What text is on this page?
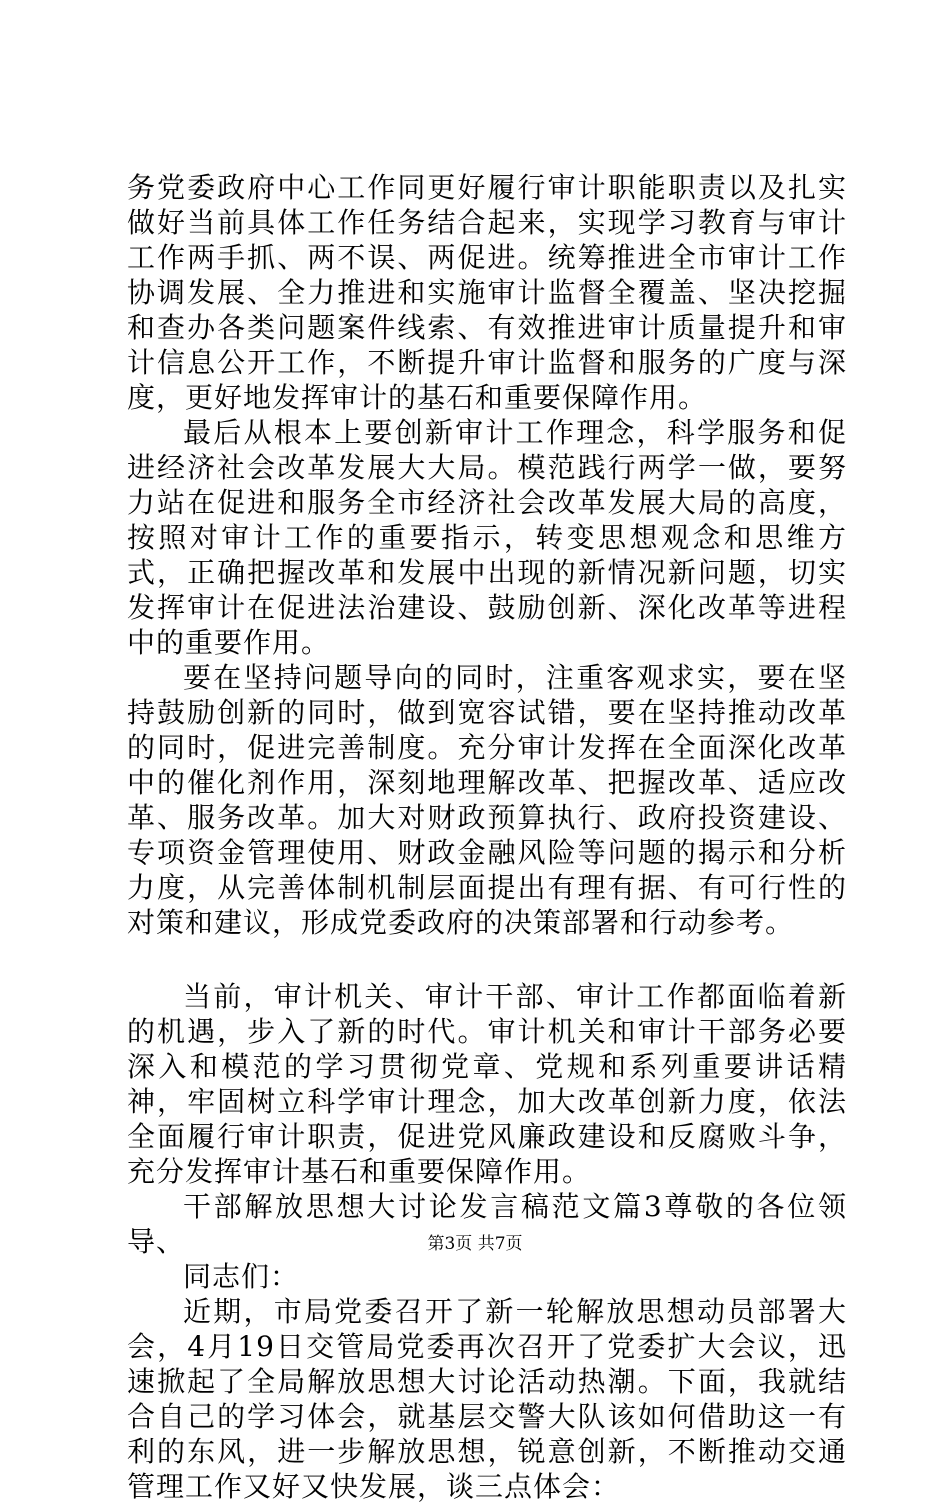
务党委政府中心工作同更好履行审计职能职责以及扎实做好当前具体工作任务结合起来，实现学习教育与审计工作两手抓、两不误、两促进。统筹推进全市审计工作协调发展、全力推进和实施审计监督全覆盖、坚决挖掘和查办各类问题案件线索、有效推进审计质量提升和审计信息公开工作，不断提升审计监督和服务的广度与深度，更好地发挥审计的基石和重要保障作用。

最后从根本上要创新审计工作理念，科学服务和促进经济社会改革发展大大局。模范践行两学一做，要努力站在促进和服务全市经济社会改革发展大局的高度，按照对审计工作的重要指示，转变思想观念和思维方式，正确把握改革和发展中出现的新情况新问题，切实发挥审计在促进法治建设、鼓励创新、深化改革等进程中的重要作用。

要在坚持问题导向的同时，注重客观求实，要在坚持鼓励创新的同时，做到宽容试错，要在坚持推动改革的同时，促进完善制度。充分审计发挥在全面深化改革中的催化剂作用，深刻地理解改革、把握改革、适应改革、服务改革。加大对财政预算执行、政府投资建设、专项资金管理使用、财政金融风险等问题的揭示和分析力度，从完善体制机制层面提出有理有据、有可行性的对策和建议，形成党委政府的决策部署和行动参考。

当前，审计机关、审计干部、审计工作都面临着新的机遇，步入了新的时代。审计机关和审计干部务必要深入和模范的学习贯彻党章、党规和系列重要讲话精神，牢固树立科学审计理念，加大改革创新力度，依法全面履行审计职责，促进党风廉政建设和反腐败斗争，充分发挥审计基石和重要保障作用。

干部解放思想大讨论发言稿范文篇3尊敬的各位领导、

同志们：

近期，市局党委召开了新一轮解放思想动员部署大会，4月19日交管局党委再次召开了党委扩大会议，迅速掀起了全局解放思想大讨论活动热潮。下面，我就结合自己的学习体会，就基层交警大队该如何借助这一有利的东风，进一步解放思想，锐意创新，不断推动交通管理工作又好又快发展，谈三点体会：

第3页 共7页
